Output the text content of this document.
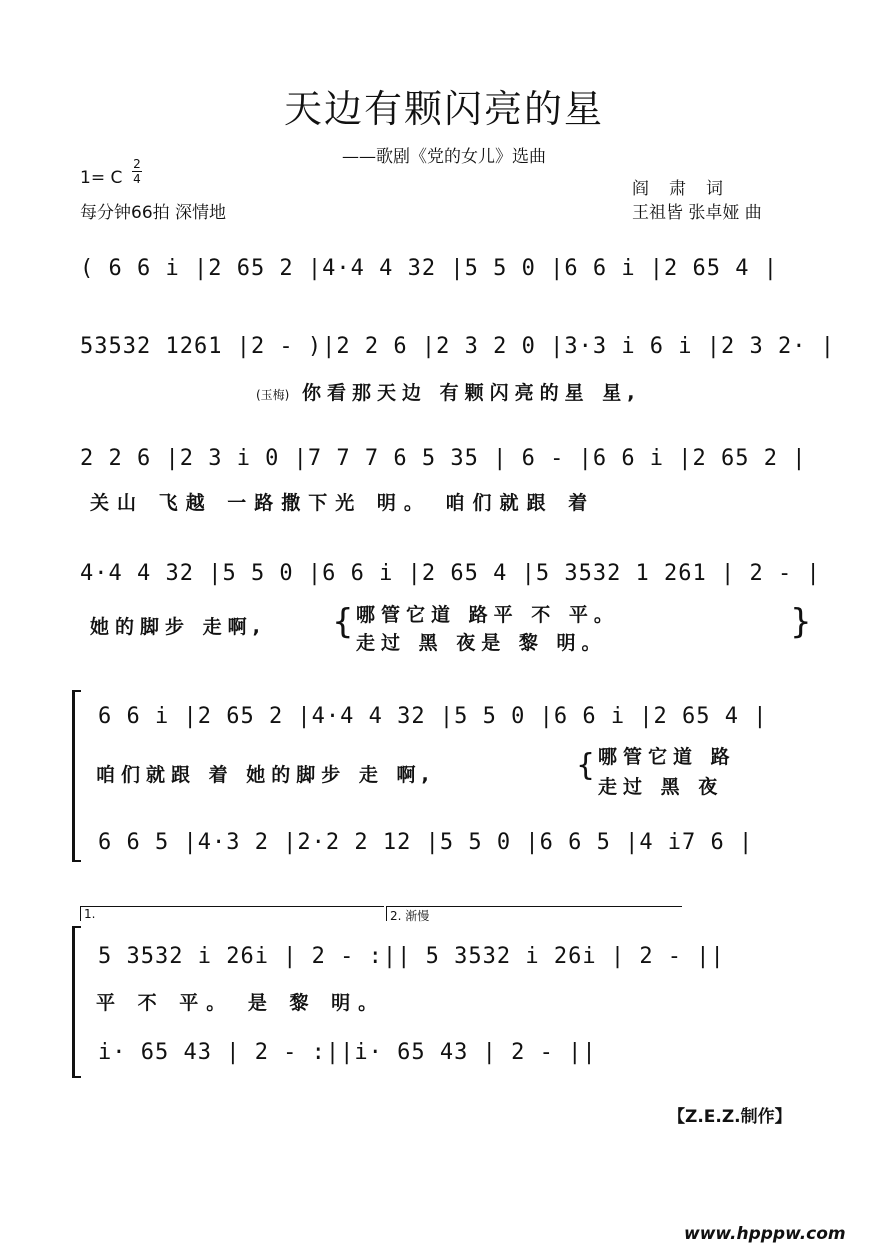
天边有颗闪亮的星
——歌剧《党的女儿》选曲
1= C
2
4
每分钟66拍 深情地
阎肃词
王祖皆 张卓娅 曲
( 6 6 i |2 65 2 |4·4 4 32 |5 5 0 |6 6 i |2 65 4 |
53532 1261 |2 - )|2 2 6 |2 3 2 0 |3·3 i 6 i |2 3 2· |
(玉梅) 你看那天边 有颗闪亮的星 星,
2 2 6 |2 3 i 0 |7 7 7 6 5 35 | 6 - |6 6 i |2 65 2 |
关山 飞越 一路撒下光 明。 咱们就跟 着
4·4 4 32 |5 5 0 |6 6 i |2 65 4 |5 3532 1 261 | 2 - |
她的脚步 走啊, { 哪管它道 路平 不 平。
走过 黑 夜是 黎 明。
}
6 6 i |2 65 2 |4·4 4 32 |5 5 0 |6 6 i |2 65 4 |
咱们就跟 着 她的脚步 走 啊,	{ 哪管它道 路
走过 黑 夜
6 6 5 |4·3 2 |2·2 2 12 |5 5 0 |6 6 5 |4 i7 6 |
1.	2. 渐慢
5 3532 i 26i | 2 - :|| 5 3532 i 26i | 2 - ||
平 不 平。 是 黎 明。
i· 65 43 | 2 - :||i· 65 43 | 2 - ||
【Z.E.Z.制作】
www.hpppw.com
